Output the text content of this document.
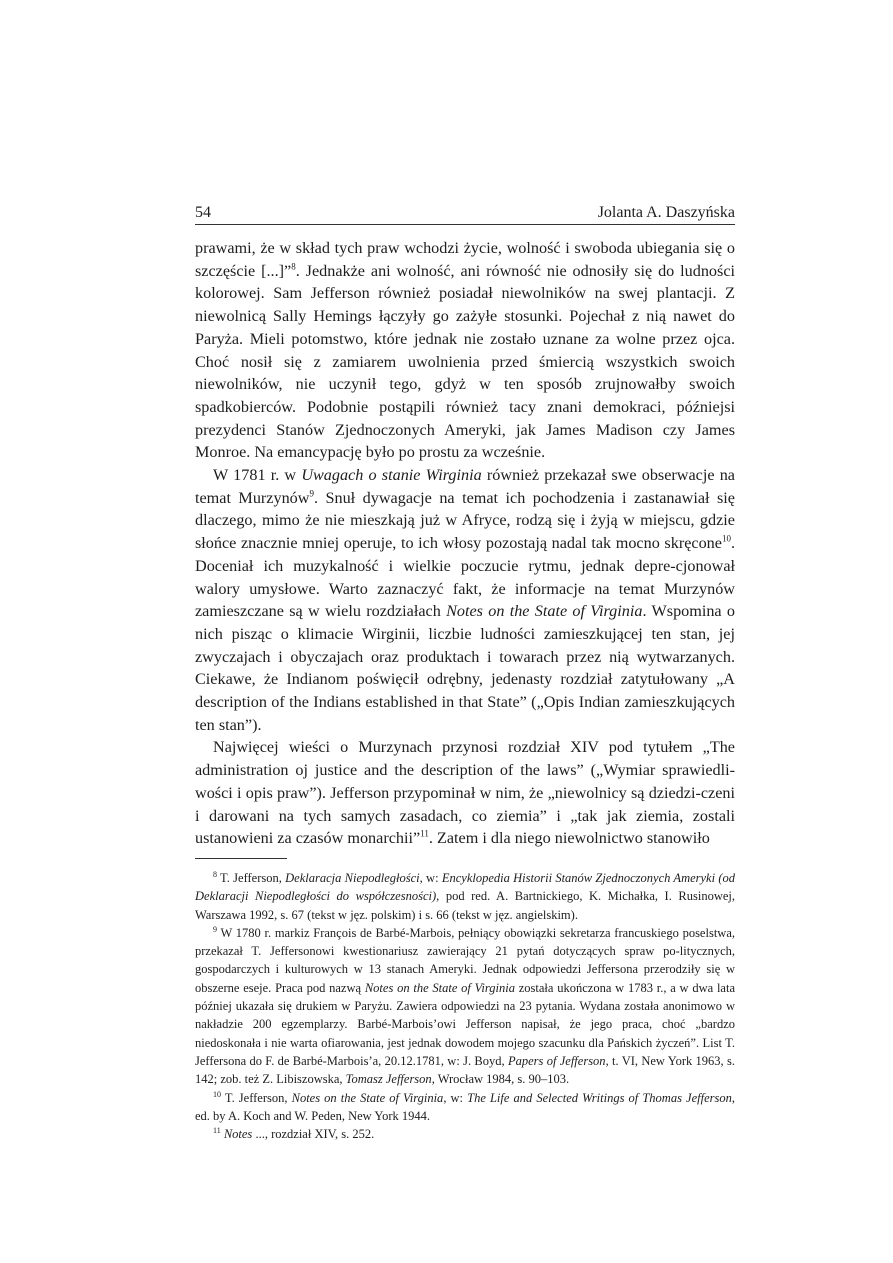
54	Jolanta A. Daszyńska

prawami, że w skład tych praw wchodzi życie, wolność i swoboda ubiegania się o szczęście [...]”$^8$. Jednakże ani wolność, ani równość nie odnosiły się do ludności kolorowej. Sam Jefferson również posiadał niewolników na swej plantacji. Z niewolnicą Sally Hemings łączyły go zażyłe stosunki. Pojechał z nią nawet do Paryża. Mieli potomstwo, które jednak nie zostało uznane za wolne przez ojca. Choć nosił się z zamiarem uwolnienia przed śmiercią wszystkich swoich niewolników, nie uczynił tego, gdyż w ten sposób zrujnowałby swoich spadkobierców. Podobnie postąpili również tacy znani demokraci, późniejsi prezydenci Stanów Zjednoczonych Ameryki, jak James Madison czy James Monroe. Na emancypację było po prostu za wcześnie.

W 1781 r. w Uwagach o stanie Wirginia również przekazał swe obserwacje na temat Murzynów$^9$. Snuł dywagacje na temat ich pochodzenia i zastanawiał się dlaczego, mimo że nie mieszkają już w Afryce, rodzą się i żyją w miejscu, gdzie słońce znacznie mniej operuje, to ich włosy pozostają nadal tak mocno skręcone$^{10}$. Doceniał ich muzykalność i wielkie poczucie rytmu, jednak depre-cjonował walory umysłowe. Warto zaznaczyć fakt, że informacje na temat Murzynów zamieszczane są w wielu rozdziałach Notes on the State of Virginia. Wspomina o nich pisząc o klimacie Wirginii, liczbie ludności zamieszkującej ten stan, jej zwyczajach i obyczajach oraz produktach i towarach przez nią wytwarzanych. Ciekawe, że Indianom poświęcił odrębny, jedenasty rozdział zatytułowany „A description of the Indians established in that State” („Opis Indian zamieszkujących ten stan”).

Najwięcej wieści o Murzynach przynosi rozdział XIV pod tytułem „The administration oj justice and the description of the laws” („Wymiar sprawiedli-wości i opis praw”). Jefferson przypominał w nim, że „niewolnicy są dziedzi-czeni i darowani na tych samych zasadach, co ziemia” i „tak jak ziemia, zostali ustanowieni za czasów monarchii”$^{11}$. Zatem i dla niego niewolnictwo stanowiło

$^8$ T. Jefferson, Deklaracja Niepodległości, w: Encyklopedia Historii Stanów Zjednoczonych Ameryki (od Deklaracji Niepodległości do współczesności), pod red. A. Bartnickiego, K. Michałka, I. Rusinowej, Warszawa 1992, s. 67 (tekst w jęz. polskim) i s. 66 (tekst w jęz. angielskim).

$^9$ W 1780 r. markiz François de Barbé-Marbois, pełniący obowiązki sekretarza francuskiego poselstwa, przekazał T. Jeffersonowi kwestionariusz zawierający 21 pytań dotyczących spraw po-litycznych, gospodarczych i kulturowych w 13 stanach Ameryki. Jednak odpowiedzi Jeffersona przerodziły się w obszerne eseje. Praca pod nazwą Notes on the State of Virginia została ukończona w 1783 r., a w dwa lata później ukazała się drukiem w Paryżu. Zawiera odpowiedzi na 23 pytania. Wydana została anonimowo w nakładzie 200 egzemplarzy. Barbé-Marbois’owi Jefferson napisał, że jego praca, choć „bardzo niedoskonała i nie warta ofiarowania, jest jednak dowodem mojego szacunku dla Pańskich życzeń”. List T. Jeffersona do F. de Barbé-Marbois’a, 20.12.1781, w: J. Boyd, Papers of Jefferson, t. VI, New York 1963, s. 142; zob. też Z. Libiszowska, Tomasz Jefferson, Wrocław 1984, s. 90–103.

$^{10}$ T. Jefferson, Notes on the State of Virginia, w: The Life and Selected Writings of Thomas Jefferson, ed. by A. Koch and W. Peden, New York 1944.

$^{11}$ Notes ..., rozdział XIV, s. 252.
